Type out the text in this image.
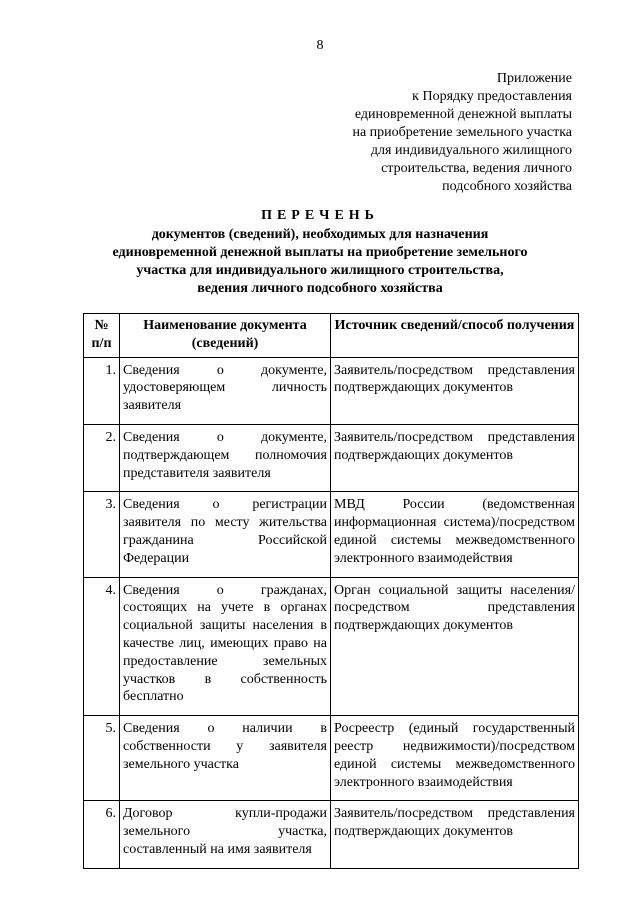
8
Приложение
к Порядку предоставления
единовременной денежной выплаты
на приобретение земельного участка
для индивидуального жилищного
строительства, ведения личного
подсобного хозяйства
ПЕРЕЧЕНЬ
документов (сведений), необходимых для назначения
единовременной денежной выплаты на приобретение земельного
участка для индивидуального жилищного строительства,
ведения личного подсобного хозяйства
№ п/п	Наименование документа (сведений)	Источник сведений/способ получения
1.	Сведения о документе, удостоверяющем личность заявителя	Заявитель/посредством представления подтверждающих документов
2.	Сведения о документе, подтверждающем полномочия представителя заявителя	Заявитель/посредством представления подтверждающих документов
3.	Сведения о регистрации заявителя по месту жительства гражданина Российской Федерации	МВД России (ведомственная информационная система)/посредством единой системы межведомственного электронного взаимодействия
4.	Сведения о гражданах, состоящих на учете в органах социальной защиты населения в качестве лиц, имеющих право на предоставление земельных участков в собственность бесплатно	Орган социальной защиты населения/посредством представления подтверждающих документов
5.	Сведения о наличии в собственности у заявителя земельного участка	Росреестр (единый государственный реестр недвижимости)/посредством единой системы межведомственного электронного взаимодействия
6.	Договор купли-продажи земельного участка, составленный на имя заявителя	Заявитель/посредством представления подтверждающих документов
